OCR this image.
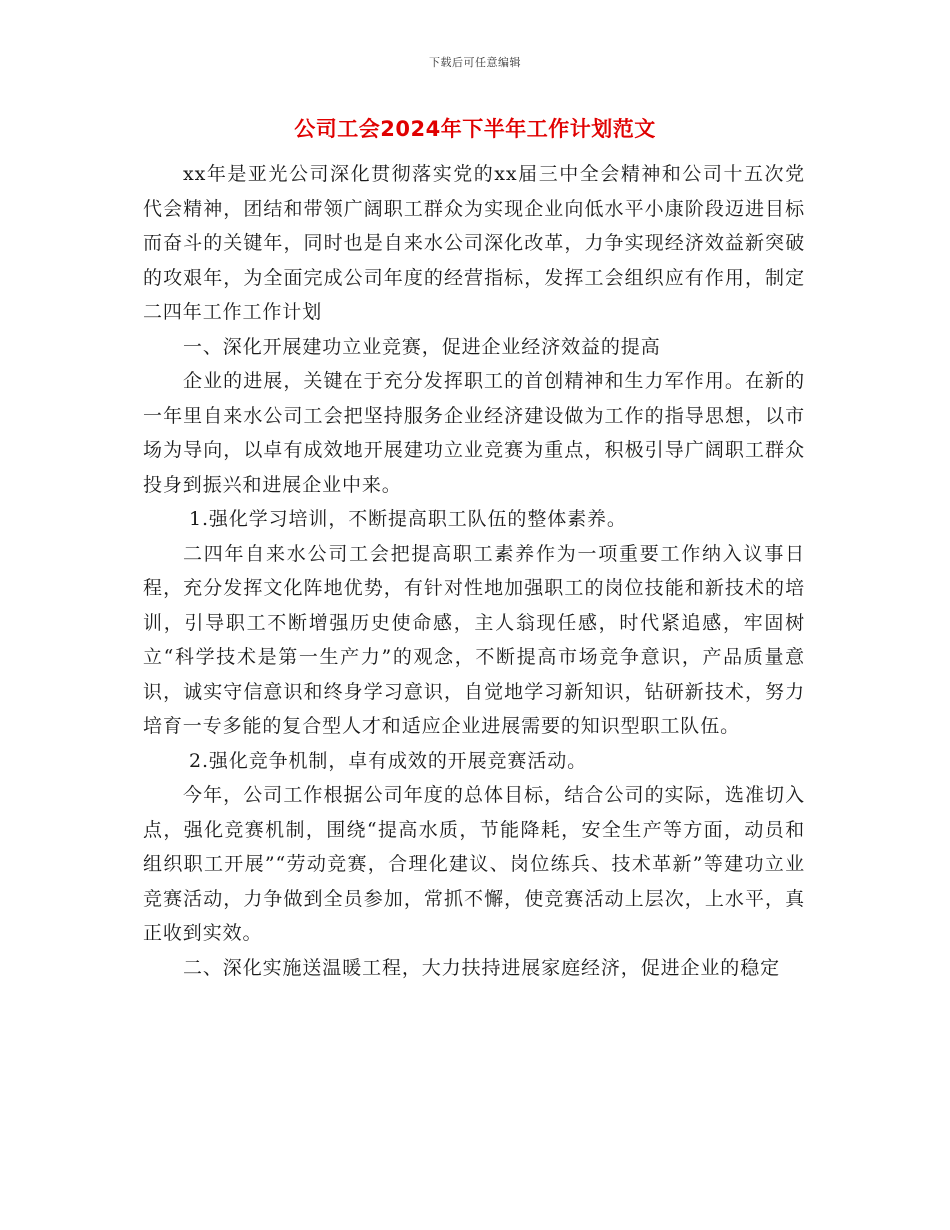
下载后可任意编辑
公司工会2024年下半年工作计划范文

xx年是亚光公司深化贯彻落实党的xx届三中全会精神和公司十五次党代会精神，团结和带领广阔职工群众为实现企业向低水平小康阶段迈进目标而奋斗的关键年，同时也是自来水公司深化改革，力争实现经济效益新突破的攻艰年，为全面完成公司年度的经营指标，发挥工会组织应有作用，制定二四年工作工作计划

一、深化开展建功立业竞赛，促进企业经济效益的提高

企业的进展，关键在于充分发挥职工的首创精神和生力军作用。在新的一年里自来水公司工会把坚持服务企业经济建设做为工作的指导思想，以市场为导向，以卓有成效地开展建功立业竞赛为重点，积极引导广阔职工群众投身到振兴和进展企业中来。

1.强化学习培训，不断提高职工队伍的整体素养。

二四年自来水公司工会把提高职工素养作为一项重要工作纳入议事日程，充分发挥文化阵地优势，有针对性地加强职工的岗位技能和新技术的培训，引导职工不断增强历史使命感，主人翁现任感，时代紧追感，牢固树立“科学技术是第一生产力”的观念，不断提高市场竞争意识，产品质量意识，诚实守信意识和终身学习意识，自觉地学习新知识，钻研新技术，努力培育一专多能的复合型人才和适应企业进展需要的知识型职工队伍。

2.强化竞争机制，卓有成效的开展竞赛活动。

今年，公司工作根据公司年度的总体目标，结合公司的实际，选准切入点，强化竞赛机制，围绕“提高水质，节能降耗，安全生产等方面，动员和组织职工开展”“劳动竞赛，合理化建议、岗位练兵、技术革新”等建功立业竞赛活动，力争做到全员参加，常抓不懈，使竞赛活动上层次，上水平，真正收到实效。

二、深化实施送温暖工程，大力扶持进展家庭经济，促进企业的稳定
